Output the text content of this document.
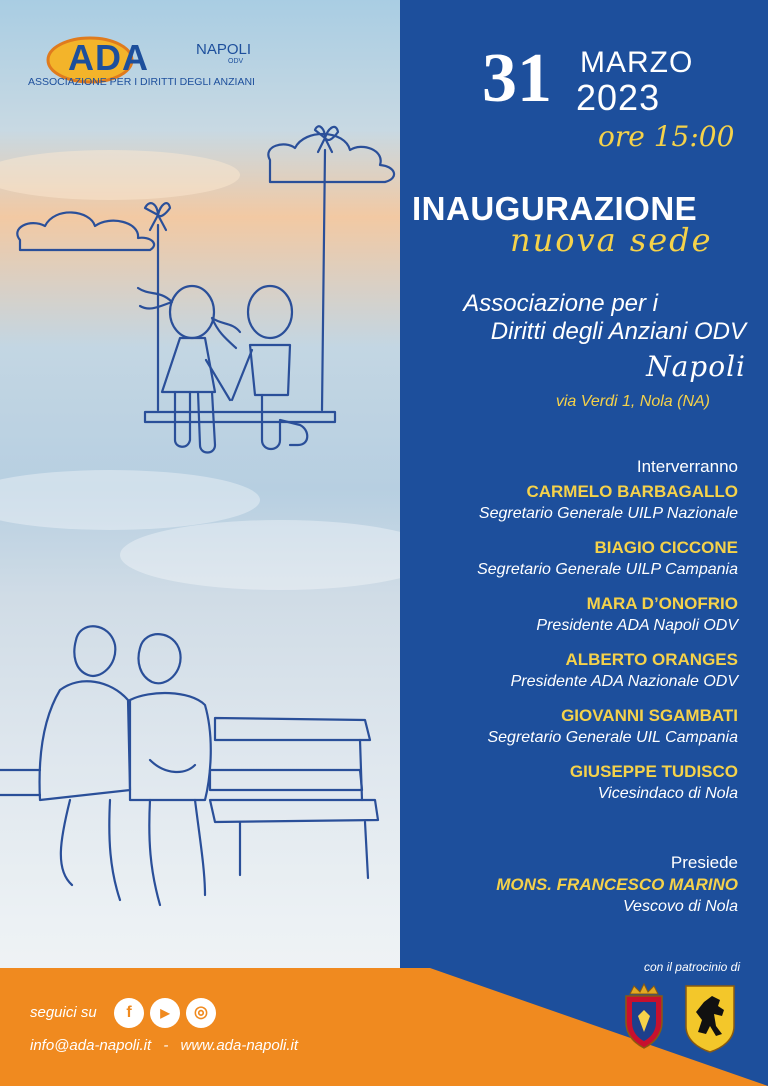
ADA	NAPOLI
ODV
ASSOCIAZIONE PER I DIRITTI DEGLI ANZIANI	31 MARZO
2023
ore 15:00
INAUGURAZIONE
nuova sede
Associazione per i
Diritti degli Anziani ODV
Napoli
via Verdi 1, Nola (NA)
Interverranno
CARMELO BARBAGALLO
Segretario Generale UILP Nazionale
BIAGIO CICCONE
Segretario Generale UILP Campania
MARA D’ONOFRIO
Presidente ADA Napoli ODV
ALBERTO ORANGES
Presidente ADA Nazionale ODV
GIOVANNI SGAMBATI
Segretario Generale UIL Campania
GIUSEPPE TUDISCO
Vicesindaco di Nola
Presiede
MONS. FRANCESCO MARINO
Vescovo di Nola
seguici su	f	▶	◎
info@ada-napoli.it - www.ada-napoli.it
con il patrocinio di
